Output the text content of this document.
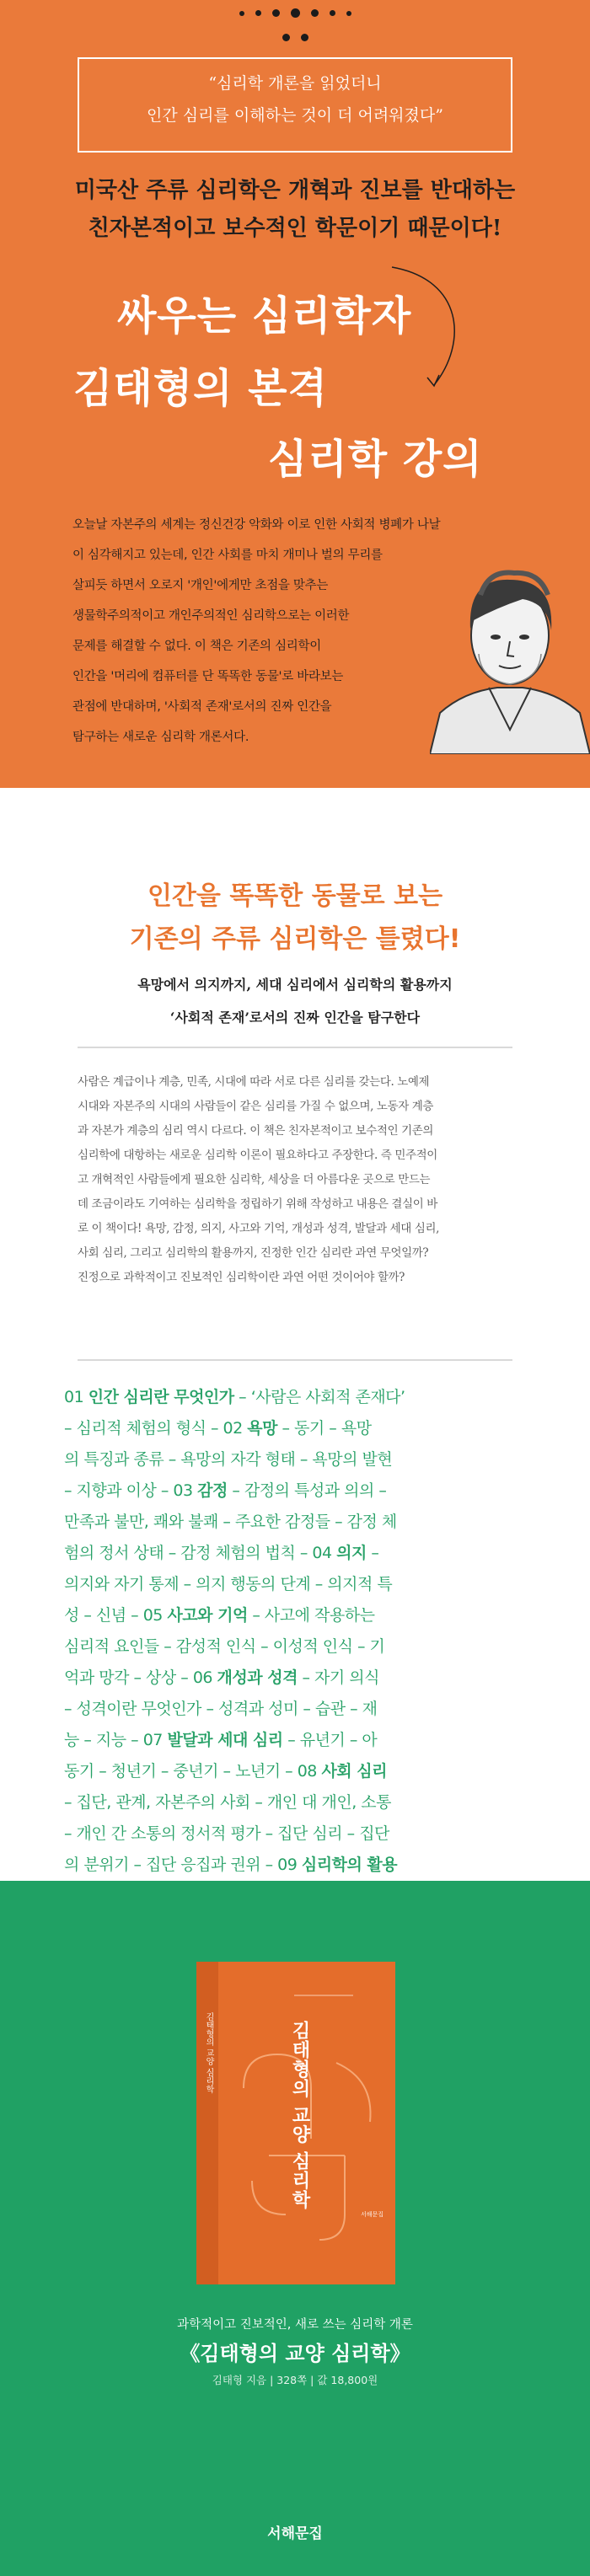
“심리학 개론을 읽었더니

인간 심리를 이해하는 것이 더 어려워졌다”

미국산 주류 심리학은 개혁과 진보를 반대하는
친자본적이고 보수적인 학문이기 때문이다!
싸우는 심리학자
김태형의 본격
심리학 강의
오늘날 자본주의 세계는 정신건강 악화와 이로 인한 사회적 병폐가 나날
이 심각해지고 있는데, 인간 사회를 마치 개미나 벌의 무리를
살피듯 하면서 오로지 '개인'에게만 초점을 맞추는
생물학주의적이고 개인주의적인 심리학으로는 이러한
문제를 해결할 수 없다. 이 책은 기존의 심리학이
인간을 '머리에 컴퓨터를 단 똑똑한 동물'로 바라보는
관점에 반대하며, '사회적 존재'로서의 진짜 인간을
탐구하는 새로운 심리학 개론서다.
인간을 똑똑한 동물로 보는
기존의 주류 심리학은 틀렸다!
욕망에서 의지까지, 세대 심리에서 심리학의 활용까지
‘사회적 존재’로서의 진짜 인간을 탐구한다
사람은 계급이나 계층, 민족, 시대에 따라 서로 다른 심리를 갖는다. 노예제
시대와 자본주의 시대의 사람들이 같은 심리를 가질 수 없으며, 노동자 계층
과 자본가 계층의 심리 역시 다르다. 이 책은 친자본적이고 보수적인 기존의
심리학에 대항하는 새로운 심리학 이론이 필요하다고 주장한다. 즉 민주적이
고 개혁적인 사람들에게 필요한 심리학, 세상을 더 아름다운 곳으로 만드는
데 조금이라도 기여하는 심리학을 정립하기 위해 작성하고 내용은 결실이 바
로 이 책이다! 욕망, 감정, 의지, 사고와 기억, 개성과 성격, 발달과 세대 심리,
사회 심리, 그리고 심리학의 활용까지, 진정한 인간 심리란 과연 무엇일까?
진정으로 과학적이고 진보적인 심리학이란 과연 어떤 것이어야 할까?
01 인간 심리란 무엇인가 – ‘사람은 사회적 존재다’
– 심리적 체험의 형식 – 02 욕망 – 동기 – 욕망
의 특징과 종류 – 욕망의 자각 형태 – 욕망의 발현
– 지향과 이상 – 03 감정 – 감정의 특성과 의의 –
만족과 불만, 쾌와 불쾌 – 주요한 감정들 – 감정 체
험의 정서 상태 – 감정 체험의 법칙 – 04 의지 –
의지와 자기 통제 – 의지 행동의 단계 – 의지적 특
성 – 신념 – 05 사고와 기억 – 사고에 작용하는
심리적 요인들 – 감성적 인식 – 이성적 인식 – 기
억과 망각 – 상상 – 06 개성과 성격 – 자기 의식
– 성격이란 무엇인가 – 성격과 성미 – 습관 – 재
능 – 지능 – 07 발달과 세대 심리 – 유년기 – 아
동기 – 청년기 – 중년기 – 노년기 – 08 사회 심리
– 집단, 관계, 자본주의 사회 – 개인 대 개인, 소통
– 개인 간 소통의 정서적 평가 – 집단 심리 – 집단
의 분위기 – 집단 응집과 권위 – 09 심리학의 활용
김태형의 교양 심리학	김태형의 교양 심리학
서해문집
과학적이고 진보적인, 새로 쓰는 심리학 개론
《김태형의 교양 심리학》
김태형 지음 | 328쪽 | 값 18,800원
서해문집
